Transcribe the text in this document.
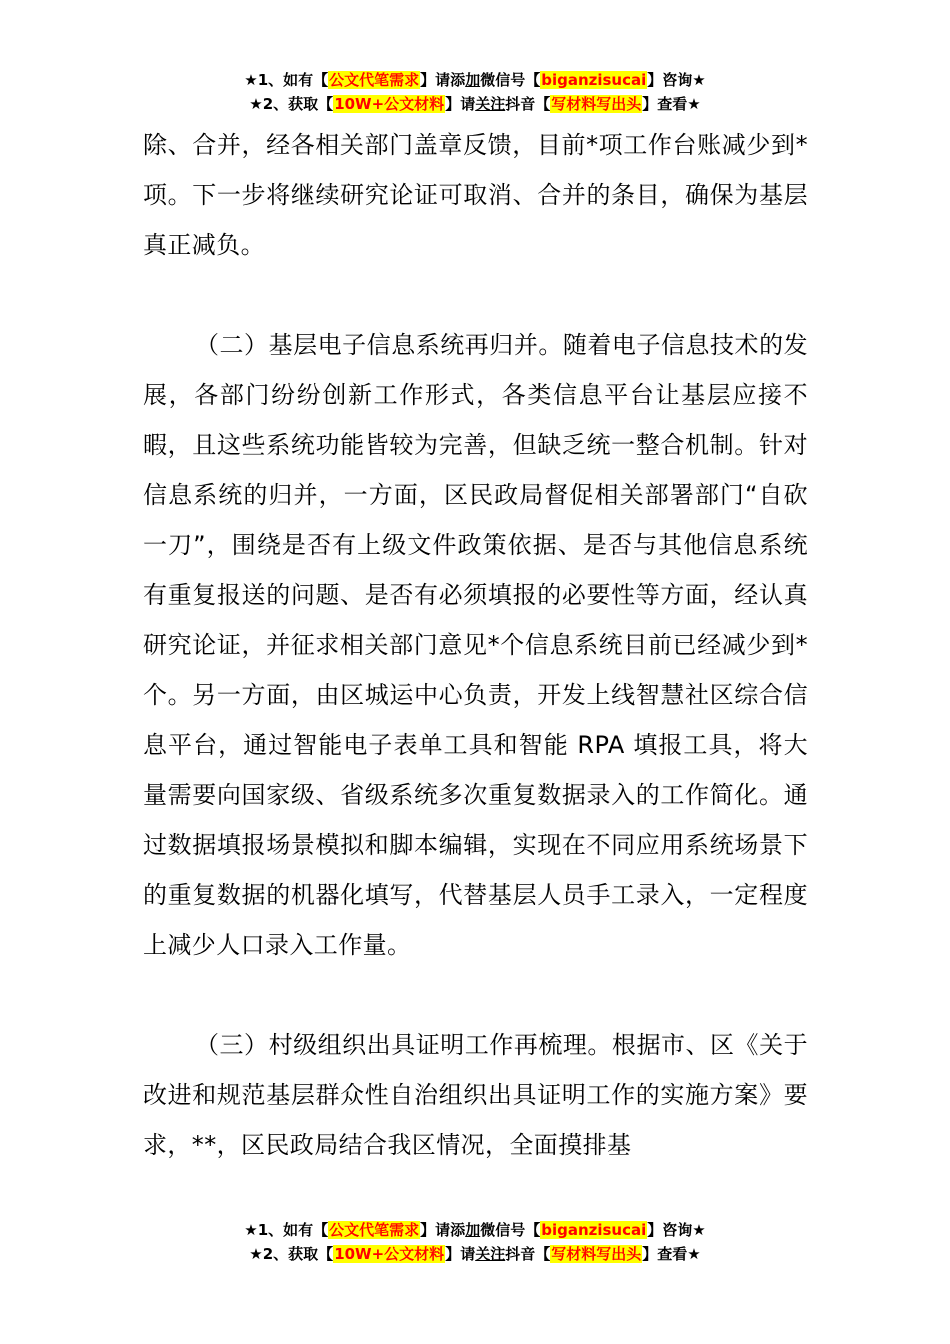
★1、如有【公文代笔需求】请添加微信号【biganzisucai】咨询★
★2、获取【10W+公文材料】请关注抖音【写材料写出头】查看★

除、合并，经各相关部门盖章反馈，目前*项工作台账减少到*项。下一步将继续研究论证可取消、合并的条目，确保为基层真正减负。

（二）基层电子信息系统再归并。随着电子信息技术的发展，各部门纷纷创新工作形式，各类信息平台让基层应接不暇，且这些系统功能皆较为完善，但缺乏统一整合机制。针对信息系统的归并，一方面，区民政局督促相关部署部门“自砍一刀”，围绕是否有上级文件政策依据、是否与其他信息系统有重复报送的问题、是否有必须填报的必要性等方面，经认真研究论证，并征求相关部门意见*个信息系统目前已经减少到*个。另一方面，由区城运中心负责，开发上线智慧社区综合信息平台，通过智能电子表单工具和智能 RPA 填报工具，将大量需要向国家级、省级系统多次重复数据录入的工作简化。通过数据填报场景模拟和脚本编辑，实现在不同应用系统场景下的重复数据的机器化填写，代替基层人员手工录入，一定程度上减少人口录入工作量。

（三）村级组织出具证明工作再梳理。根据市、区《关于改进和规范基层群众性自治组织出具证明工作的实施方案》要求，**，区民政局结合我区情况，全面摸排基

★1、如有【公文代笔需求】请添加微信号【biganzisucai】咨询★
★2、获取【10W+公文材料】请关注抖音【写材料写出头】查看★
